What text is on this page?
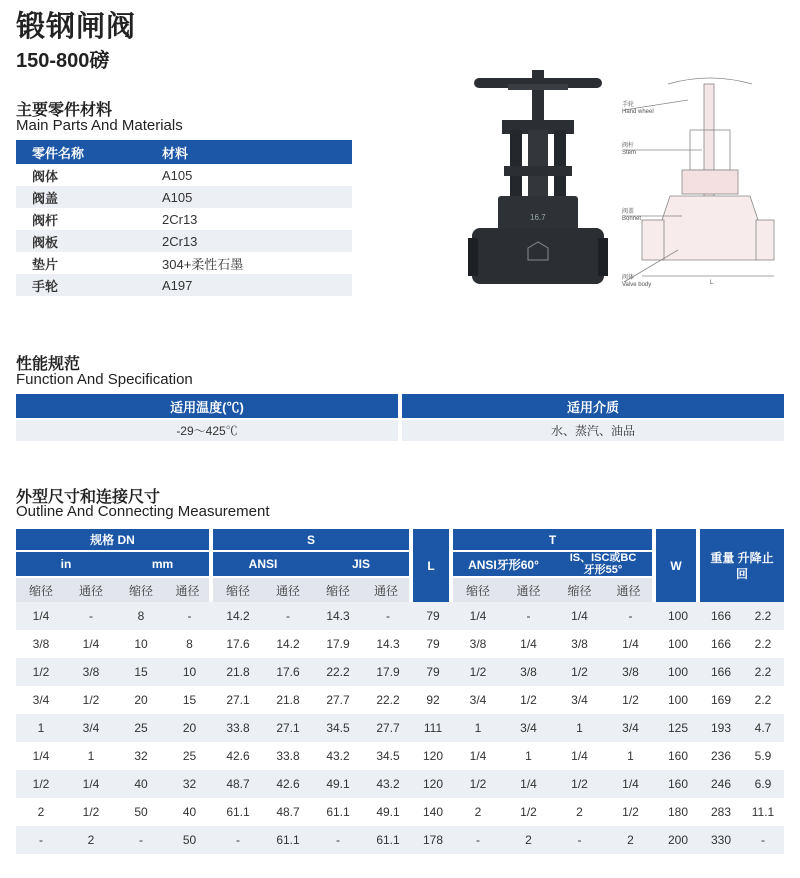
锻钢闸阀
150-800磅
主要零件材料
Main Parts And Materials
零件名称	材料
阀体	A105
阀盖	A105
阀杆	2Cr13
阀板	2Cr13
垫片	304+柔性石墨
手轮	A197
16.7
手轮
Hand wheel
阀杆
Stem
阀盖
Bonnet
阀体
Valve body	L
性能规范
Function And Specification
适用温度(℃)	适用介质
-29～425℃	水、蒸汽、油品
外型尺寸和连接尺寸
Outline And Connecting Measurement
规格 DN				S				L	T				W	重量 升降止回
in		mm		ANSI		JIS			ANSI牙形60°		IS、ISC或BC 牙形55°			
缩径	通径	缩径	通径	缩径	通径	缩径	通径		缩径	通径	缩径	通径		
1/4	-	8	-	14.2	-	14.3	-	79	1/4	-	1/4	-	100	166	2.2
3/8	1/4	10	8	17.6	14.2	17.9	14.3	79	3/8	1/4	3/8	1/4	100	166	2.2
1/2	3/8	15	10	21.8	17.6	22.2	17.9	79	1/2	3/8	1/2	3/8	100	166	2.2
3/4	1/2	20	15	27.1	21.8	27.7	22.2	92	3/4	1/2	3/4	1/2	100	169	2.2
1	3/4	25	20	33.8	27.1	34.5	27.7	111	1	3/4	1	3/4	125	193	4.7
1/4	1	32	25	42.6	33.8	43.2	34.5	120	1/4	1	1/4	1	160	236	5.9
1/2	1/4	40	32	48.7	42.6	49.1	43.2	120	1/2	1/4	1/2	1/4	160	246	6.9
2	1/2	50	40	61.1	48.7	61.1	49.1	140	2	1/2	2	1/2	180	283	11.1
-	2	-	50	-	61.1	-	61.1	178	-	2	-	2	200	330	-
